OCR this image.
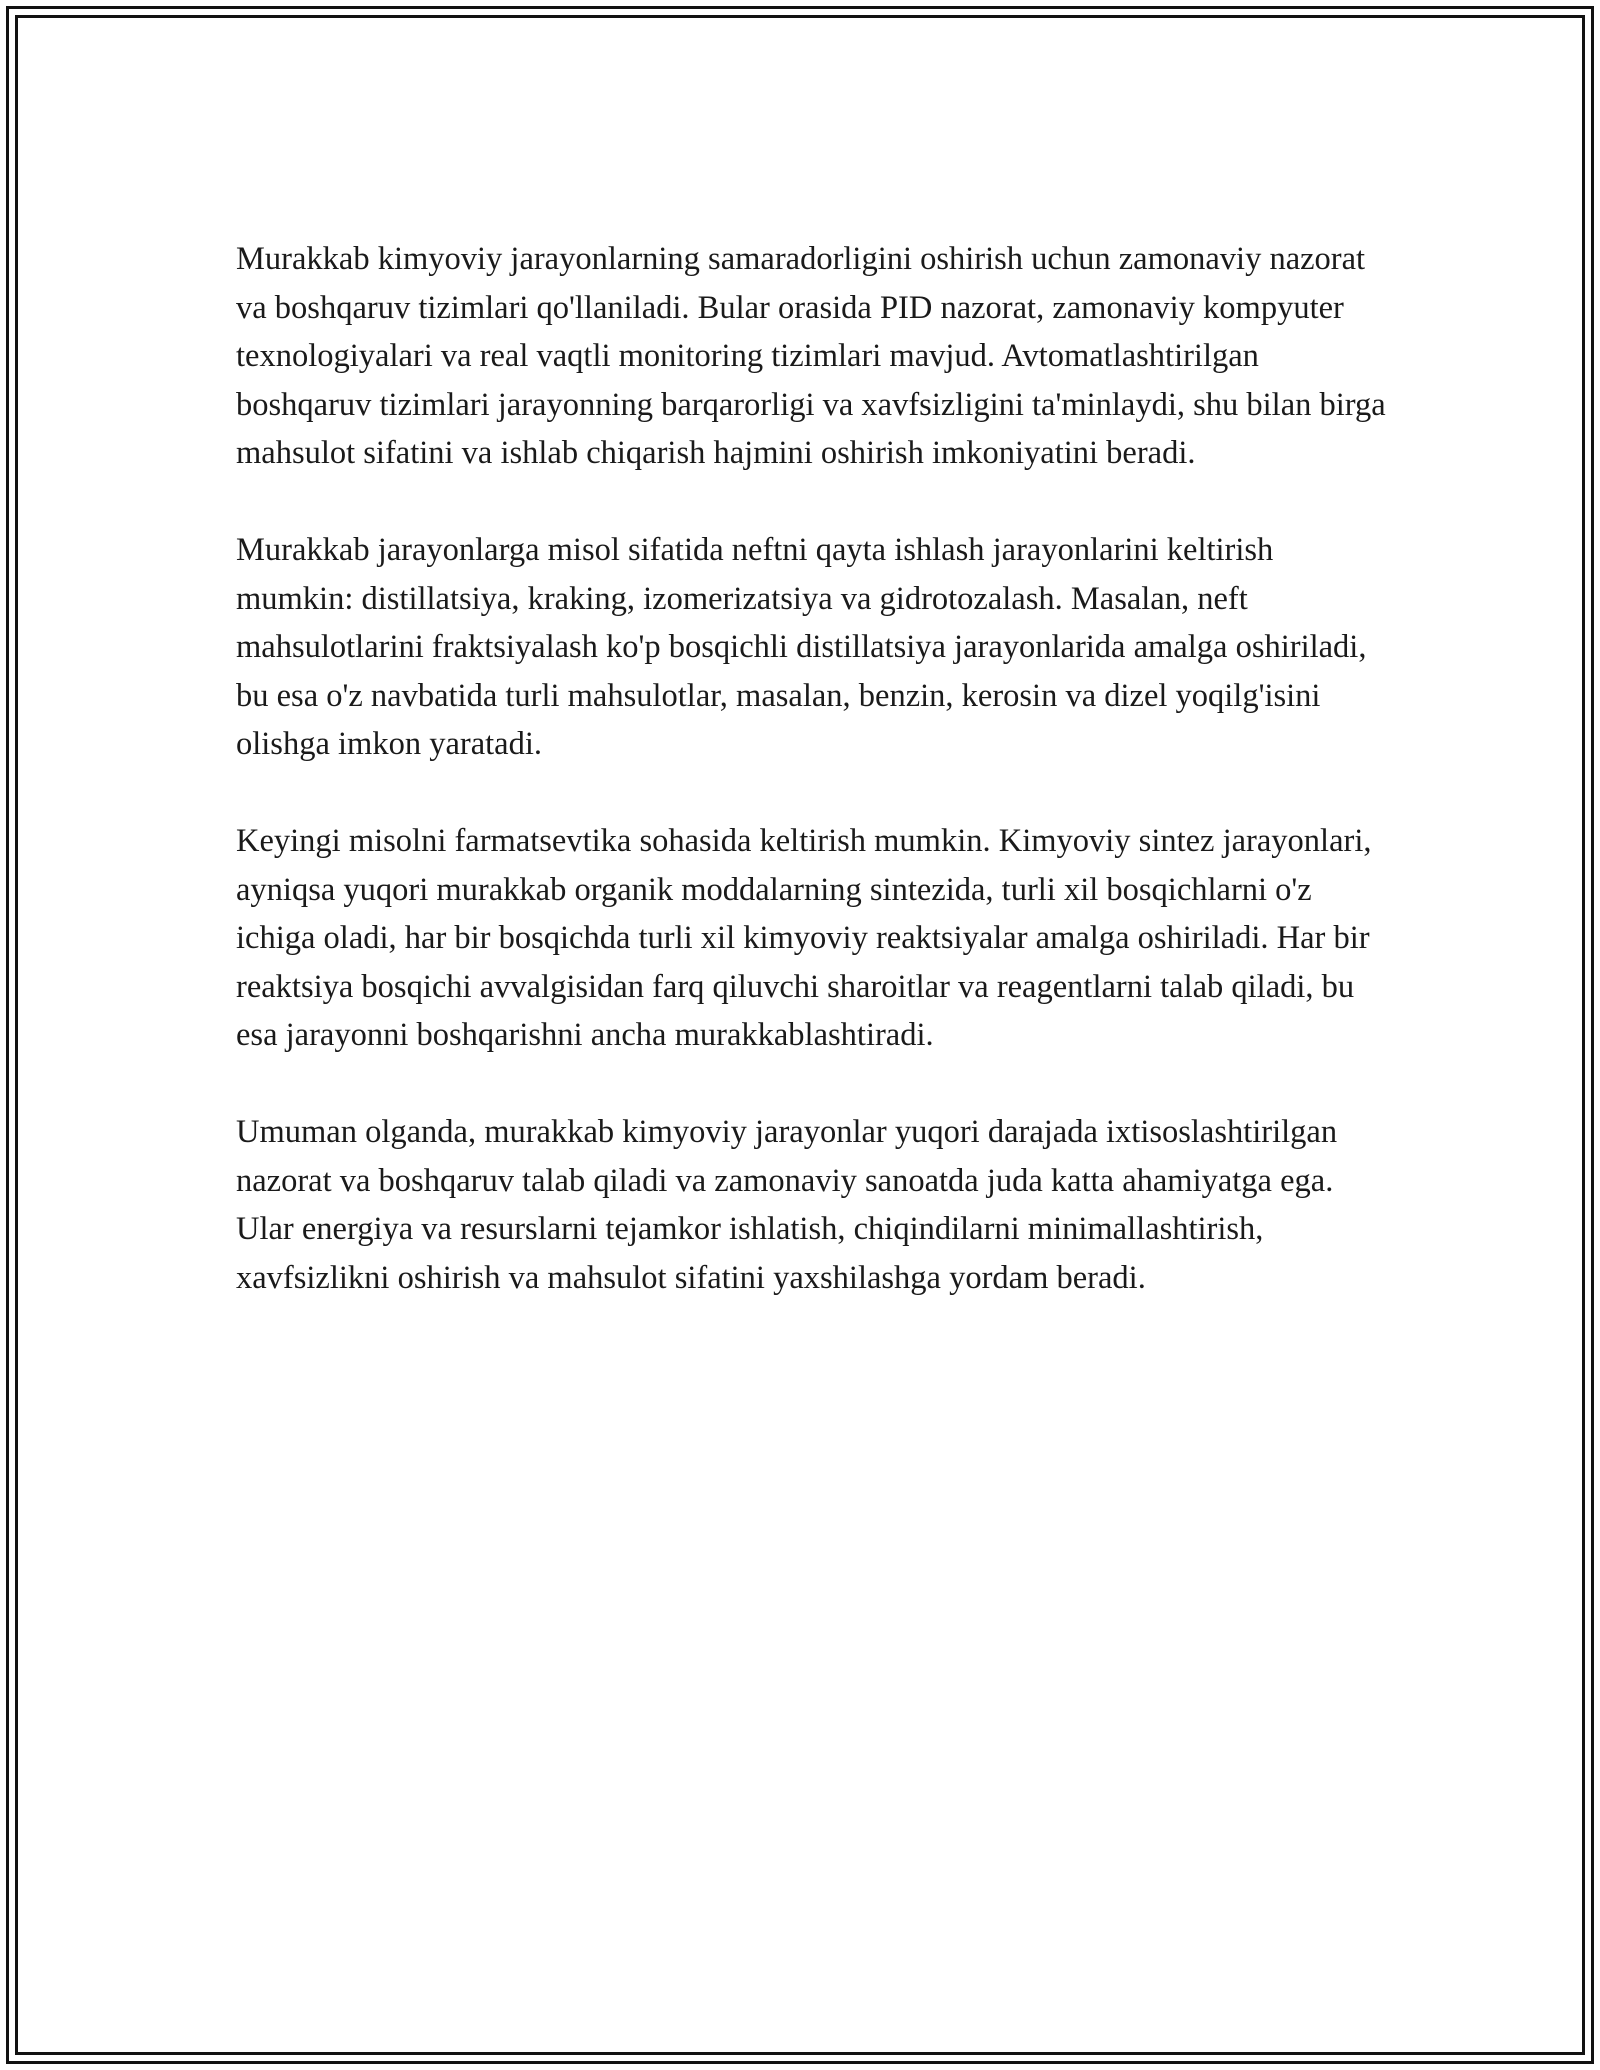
Murakkab kimyoviy jarayonlarning samaradorligini oshirish uchun zamonaviy nazorat va boshqaruv tizimlari qo'llaniladi. Bular orasida PID nazorat, zamonaviy kompyuter texnologiyalari va real vaqtli monitoring tizimlari mavjud. Avtomatlashtirilgan boshqaruv tizimlari jarayonning barqarorligi va xavfsizligini ta'minlaydi, shu bilan birga mahsulot sifatini va ishlab chiqarish hajmini oshirish imkoniyatini beradi.

Murakkab jarayonlarga misol sifatida neftni qayta ishlash jarayonlarini keltirish mumkin: distillatsiya, kraking, izomerizatsiya va gidrotozalash. Masalan, neft mahsulotlarini fraktsiyalash ko'p bosqichli distillatsiya jarayonlarida amalga oshiriladi, bu esa o'z navbatida turli mahsulotlar, masalan, benzin, kerosin va dizel yoqilg'isini olishga imkon yaratadi.

Keyingi misolni farmatsevtika sohasida keltirish mumkin. Kimyoviy sintez jarayonlari, ayniqsa yuqori murakkab organik moddalarning sintezida, turli xil bosqichlarni o'z ichiga oladi, har bir bosqichda turli xil kimyoviy reaktsiyalar amalga oshiriladi. Har bir reaktsiya bosqichi avvalgisidan farq qiluvchi sharoitlar va reagentlarni talab qiladi, bu esa jarayonni boshqarishni ancha murakkablashtiradi.

Umuman olganda, murakkab kimyoviy jarayonlar yuqori darajada ixtisoslashtirilgan nazorat va boshqaruv talab qiladi va zamonaviy sanoatda juda katta ahamiyatga ega. Ular energiya va resurslarni tejamkor ishlatish, chiqindilarni minimallashtirish, xavfsizlikni oshirish va mahsulot sifatini yaxshilashga yordam beradi.
